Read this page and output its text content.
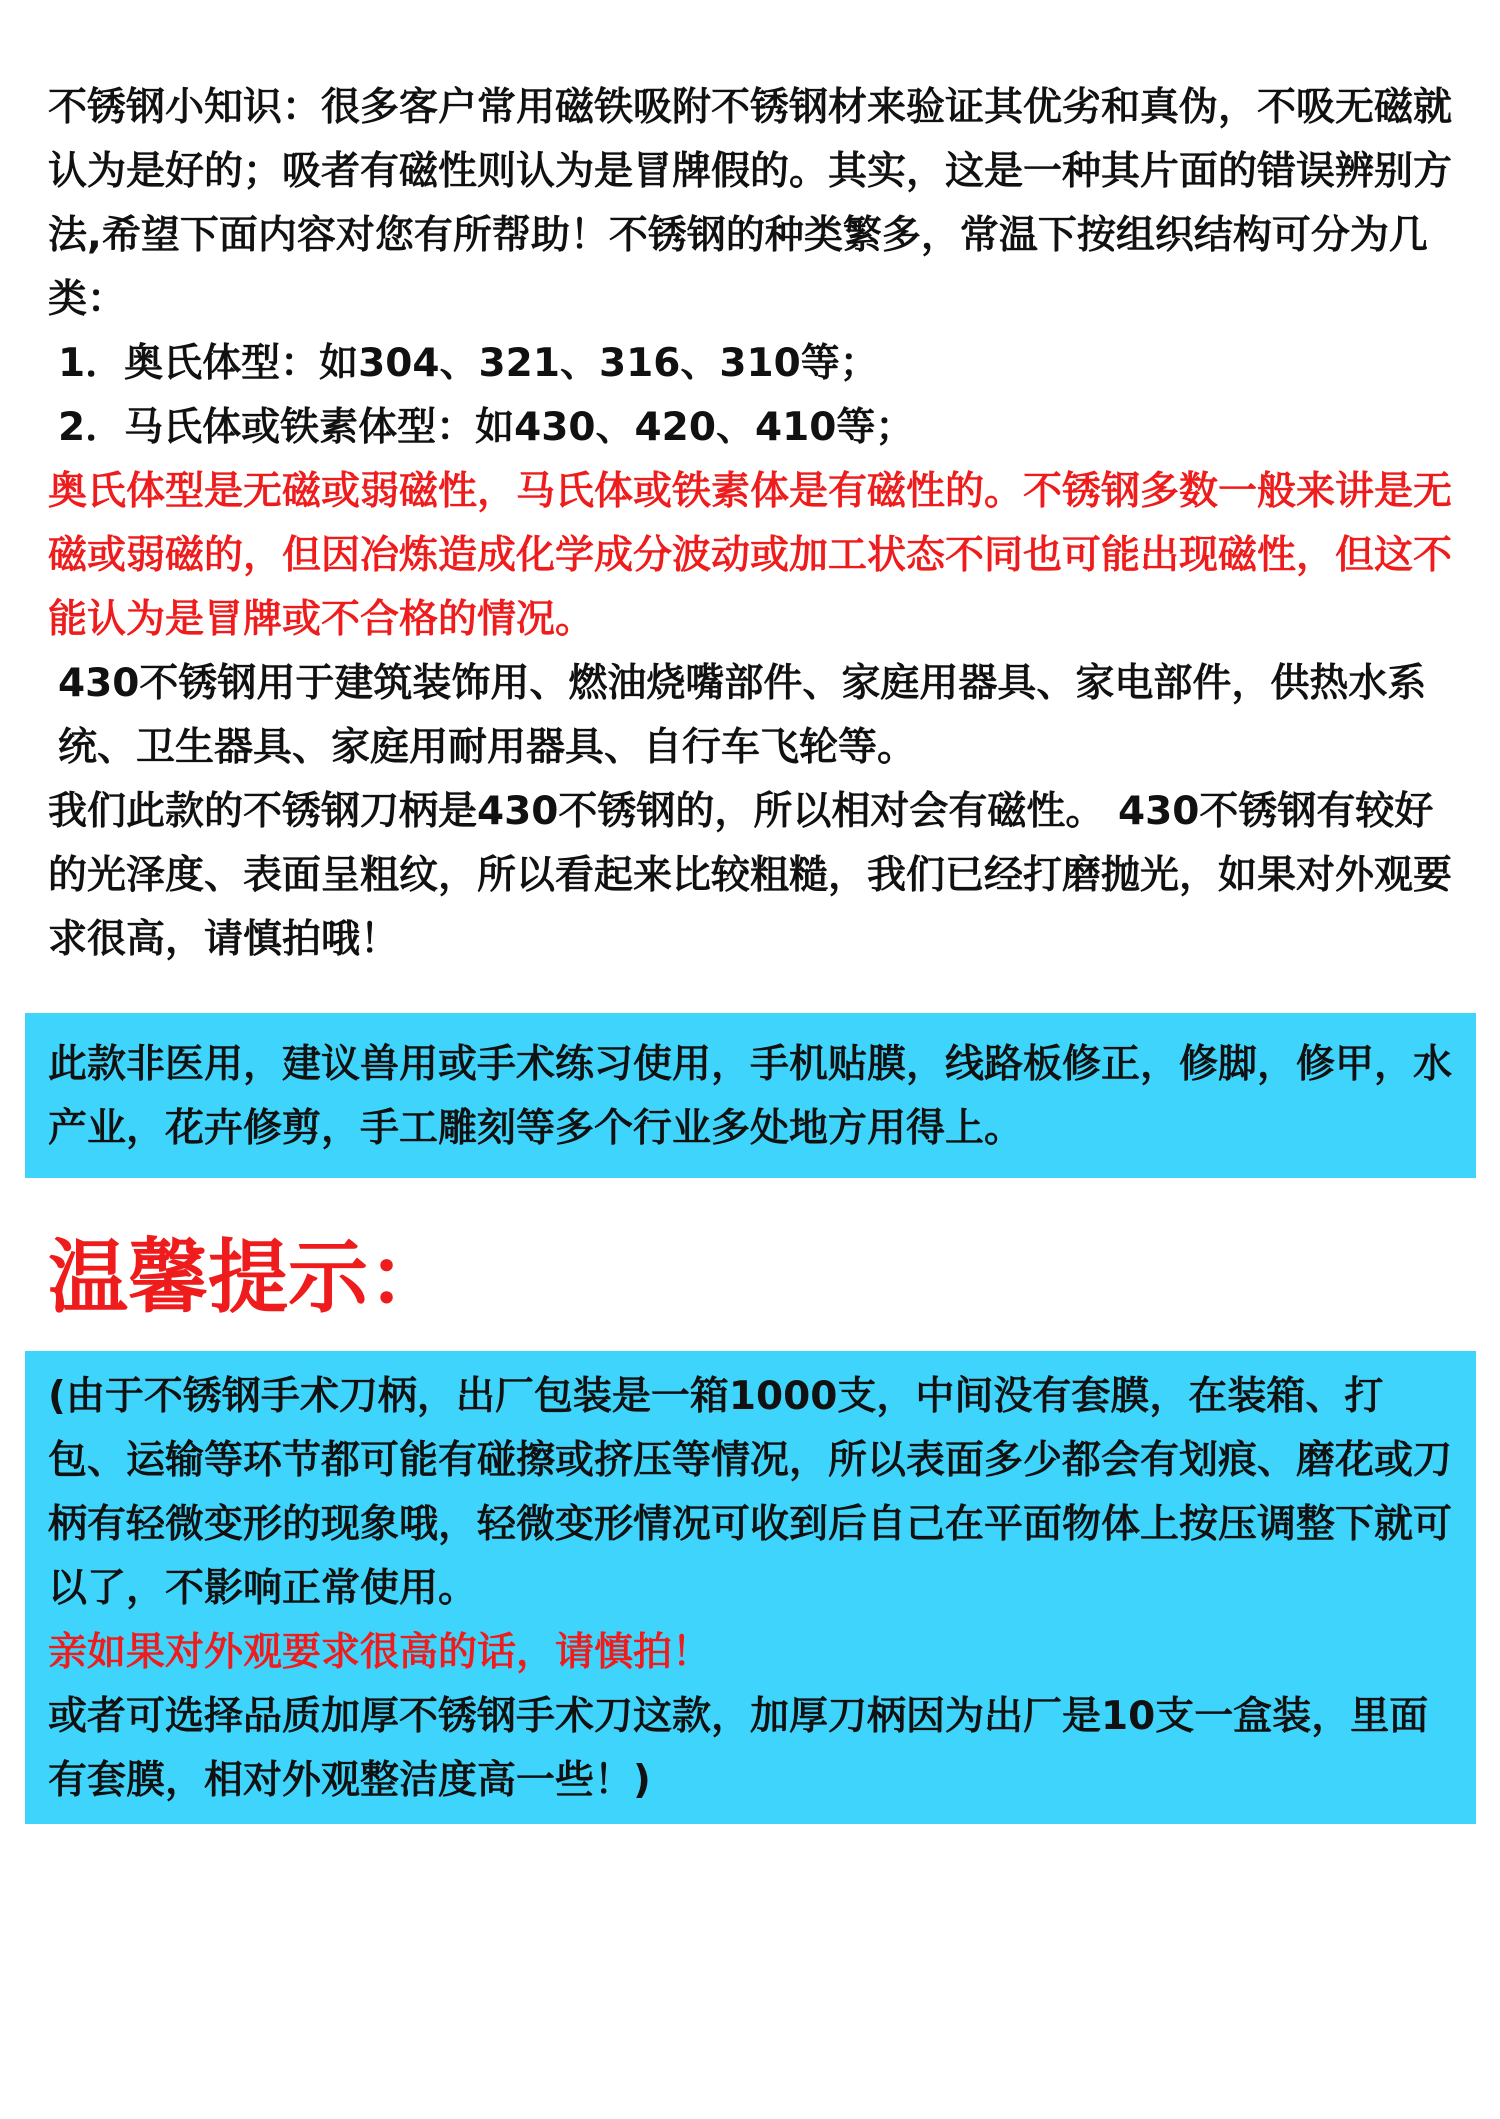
不锈钢小知识：很多客户常用磁铁吸附不锈钢材来验证其优劣和真伪，不吸无磁就认为是好的；吸者有磁性则认为是冒牌假的。其实，这是一种其片面的错误辨别方法,希望下面内容对您有所帮助！不锈钢的种类繁多，常温下按组织结构可分为几类：

1．奥氏体型：如304、321、316、310等；

2．马氏体或铁素体型：如430、420、410等；

奥氏体型是无磁或弱磁性，马氏体或铁素体是有磁性的。不锈钢多数一般来讲是无磁或弱磁的，但因冶炼造成化学成分波动或加工状态不同也可能出现磁性，但这不能认为是冒牌或不合格的情况。

430不锈钢用于建筑装饰用、燃油烧嘴部件、家庭用器具、家电部件，供热水系统、卫生器具、家庭用耐用器具、自行车飞轮等。

我们此款的不锈钢刀柄是430不锈钢的，所以相对会有磁性。 430不锈钢有较好的光泽度、表面呈粗纹，所以看起来比较粗糙，我们已经打磨抛光，如果对外观要求很高，请慎拍哦！

此款非医用，建议兽用或手术练习使用，手机贴膜，线路板修正，修脚，修甲，水产业，花卉修剪，手工雕刻等多个行业多处地方用得上。

温馨提示：

(由于不锈钢手术刀柄，出厂包装是一箱1000支，中间没有套膜，在装箱、打包、运输等环节都可能有碰擦或挤压等情况，所以表面多少都会有划痕、磨花或刀柄有轻微变形的现象哦，轻微变形情况可收到后自己在平面物体上按压调整下就可以了，不影响正常使用。

亲如果对外观要求很高的话，请慎拍！

或者可选择品质加厚不锈钢手术刀这款，加厚刀柄因为出厂是10支一盒装，里面有套膜，相对外观整洁度高一些！)
